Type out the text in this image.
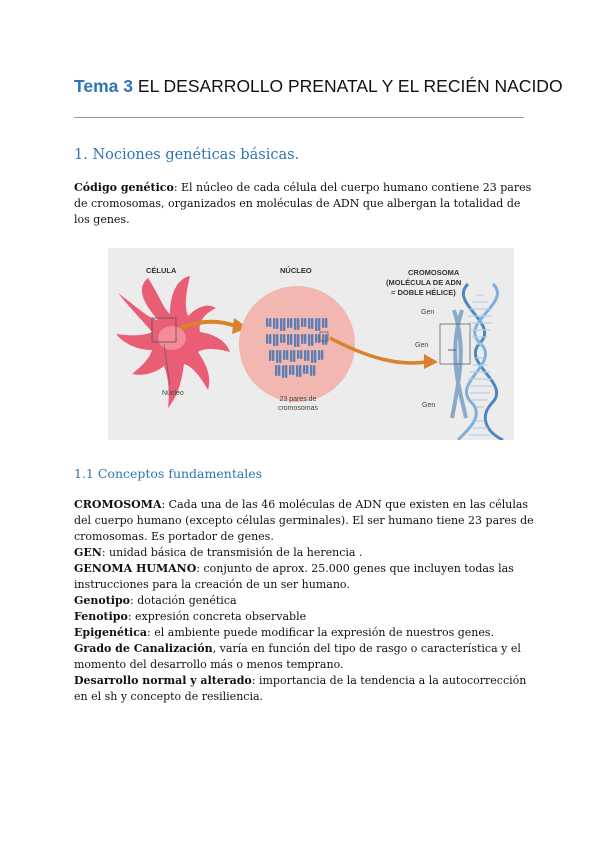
Tema 3 EL DESARROLLO PRENATAL Y EL RECIÉN NACIDO
1. Nociones genéticas básicas.
Código genético: El núcleo de cada célula del cuerpo humano contiene 23 pares de cromosomas, organizados en moléculas de ADN que albergan la totalidad de los genes.
CÉLULA	NÚCLEO	CROMOSOMA
(MOLÉCULA DE ADN
= DOBLE HÉLICE)
Núcleo
23 pares de
cromosomas
Gen
Gen
Gen
1.1 Conceptos fundamentales

CROMOSOMA: Cada una de las 46 moléculas de ADN que existen en las células del cuerpo humano (excepto células germinales). El ser humano tiene 23 pares de cromosomas. Es portador de genes.

GEN: unidad básica de transmisión de la herencia .

GENOMA HUMANO: conjunto de aprox. 25.000 genes que incluyen todas las instrucciones para la creación de un ser humano.

Genotipo: dotación genética

Fenotipo: expresión concreta observable

Epigenética: el ambiente puede modificar la expresión de nuestros genes.

Grado de Canalización, varía en función del tipo de rasgo o característica y el momento del desarrollo más o menos temprano.

Desarrollo normal y alterado: importancia de la tendencia a la autocorrección en el sh y concepto de resiliencia.
